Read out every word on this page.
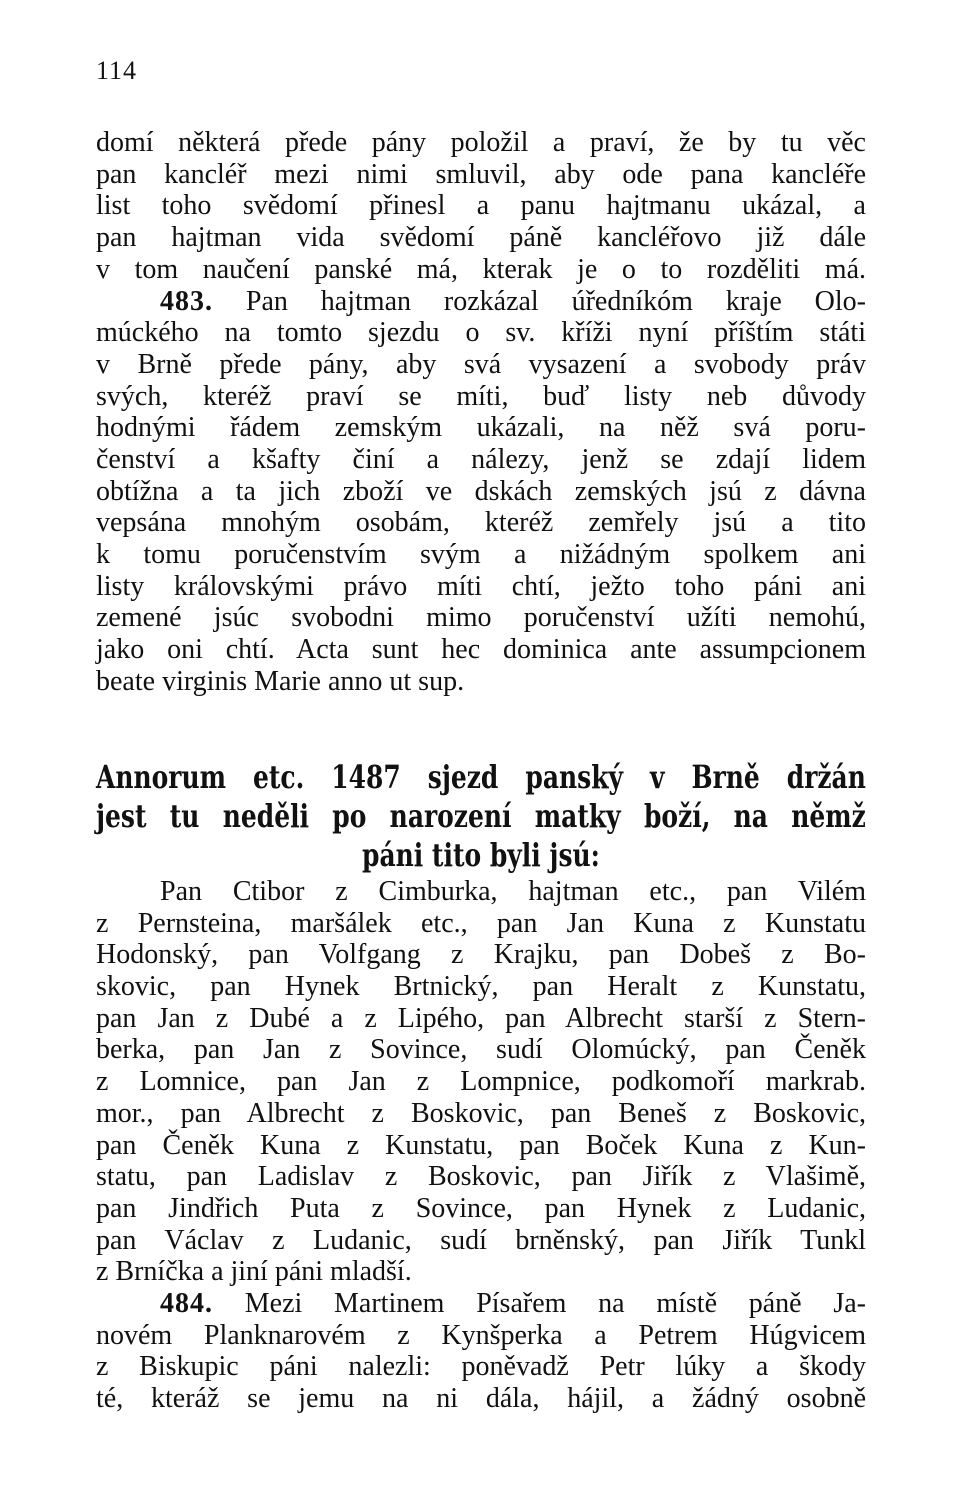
114
domí některá přede pány položil a praví, že by tu věc
pan kancléř mezi nimi smluvil, aby ode pana kancléře
list toho svědomí přinesl a panu hajtmanu ukázal, a
pan hajtman vida svědomí páně kancléřovo již dále
v tom naučení panské má, kterak je o to rozděliti má.
483. Pan hajtman rozkázal úředníkóm kraje Olo-
múckého na tomto sjezdu o sv. kříži nyní příštím státi
v Brně přede pány, aby svá vysazení a svobody práv
svých, kteréž praví se míti, buď listy neb důvody
hodnými řádem zemským ukázali, na něž svá poru-
čenství a kšafty činí a nálezy, jenž se zdají lidem
obtížna a ta jich zboží ve dskách zemských jsú z dávna
vepsána mnohým osobám, kteréž zemřely jsú a tito
k tomu poručenstvím svým a nižádným spolkem ani
listy královskými právo míti chtí, ježto toho páni ani
zemené jsúc svobodni mimo poručenství užíti nemohú,
jako oni chtí. Acta sunt hec dominica ante assumpcionem
beate virginis Marie anno ut sup.
Annorum etc. 1487 sjezd panský v Brně držán
jest tu neděli po narození matky boží, na němž
páni tito byli jsú:
Pan Ctibor z Cimburka, hajtman etc., pan Vilém
z Pernsteina, maršálek etc., pan Jan Kuna z Kunstatu
Hodonský, pan Volfgang z Krajku, pan Dobeš z Bo-
skovic, pan Hynek Brtnický, pan Heralt z Kunstatu,
pan Jan z Dubé a z Lipého, pan Albrecht starší z Stern-
berka, pan Jan z Sovince, sudí Olomúcký, pan Čeněk
z Lomnice, pan Jan z Lompnice, podkomoří markrab.
mor., pan Albrecht z Boskovic, pan Beneš z Boskovic,
pan Čeněk Kuna z Kunstatu, pan Boček Kuna z Kun-
statu, pan Ladislav z Boskovic, pan Jiřík z Vlašimě,
pan Jindřich Puta z Sovince, pan Hynek z Ludanic,
pan Václav z Ludanic, sudí brněnský, pan Jiřík Tunkl
z Brníčka a jiní páni mladší.
484. Mezi Martinem Písařem na místě páně Ja-
novém Planknarovém z Kynšperka a Petrem Húgvicem
z Biskupic páni nalezli: poněvadž Petr lúky a škody
té, kteráž se jemu na ni dála, hájil, a žádný osobně
